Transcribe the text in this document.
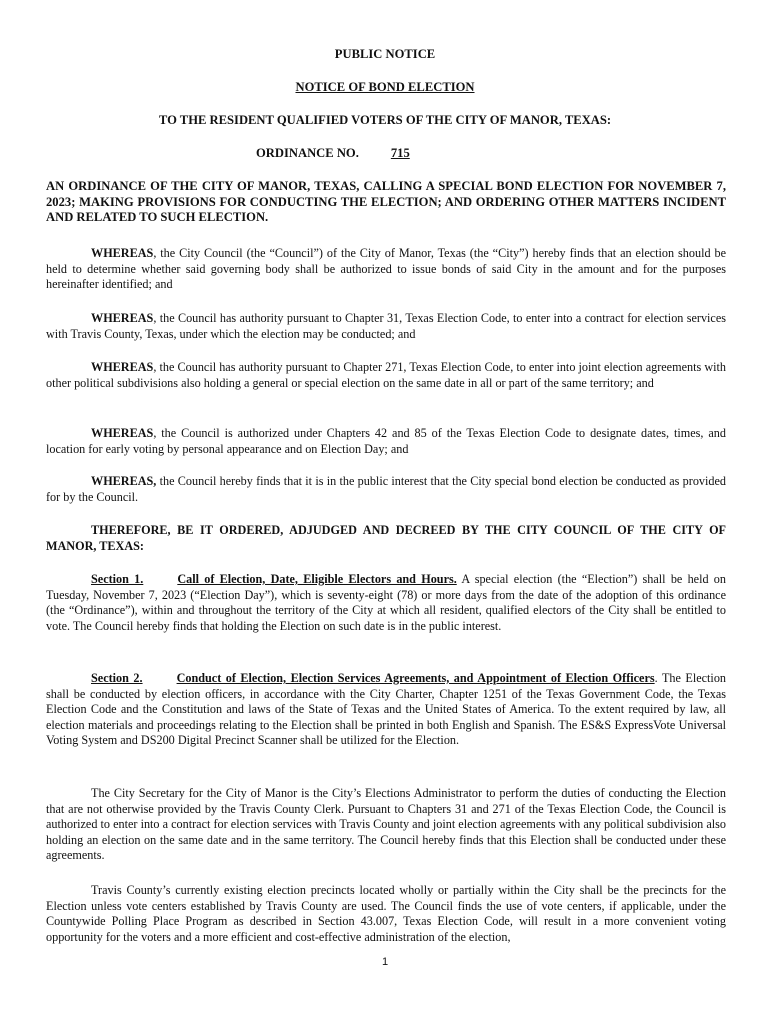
PUBLIC NOTICE
NOTICE OF BOND ELECTION
TO THE RESIDENT QUALIFIED VOTERS OF THE CITY OF MANOR, TEXAS:
ORDINANCE NO.	715
AN ORDINANCE OF THE CITY OF MANOR, TEXAS, CALLING A SPECIAL BOND ELECTION FOR NOVEMBER 7, 2023; MAKING PROVISIONS FOR CONDUCTING THE ELECTION; AND ORDERING OTHER MATTERS INCIDENT AND RELATED TO SUCH ELECTION.
WHEREAS, the City Council (the “Council”) of the City of Manor, Texas (the “City”) hereby finds that an election should be held to determine whether said governing body shall be authorized to issue bonds of said City in the amount and for the purposes hereinafter identified; and
WHEREAS, the Council has authority pursuant to Chapter 31, Texas Election Code, to enter into a contract for election services with Travis County, Texas, under which the election may be conducted; and
WHEREAS, the Council has authority pursuant to Chapter 271, Texas Election Code, to enter into joint election agreements with other political subdivisions also holding a general or special election on the same date in all or part of the same territory; and
WHEREAS, the Council is authorized under Chapters 42 and 85 of the Texas Election Code to designate dates, times, and location for early voting by personal appearance and on Election Day; and
WHEREAS, the Council hereby finds that it is in the public interest that the City special bond election be conducted as provided for by the Council.
THEREFORE, BE IT ORDERED, ADJUDGED AND DECREED BY THE CITY COUNCIL OF THE CITY OF MANOR, TEXAS:
Section 1.	Call of Election, Date, Eligible Electors and Hours. A special election (the “Election”) shall be held on Tuesday, November 7, 2023 (“Election Day”), which is seventy-eight (78) or more days from the date of the adoption of this ordinance (the “Ordinance”), within and throughout the territory of the City at which all resident, qualified electors of the City shall be entitled to vote. The Council hereby finds that holding the Election on such date is in the public interest.
Section 2.	Conduct of Election, Election Services Agreements, and Appointment of Election Officers. The Election shall be conducted by election officers, in accordance with the City Charter, Chapter 1251 of the Texas Government Code, the Texas Election Code and the Constitution and laws of the State of Texas and the United States of America. To the extent required by law, all election materials and proceedings relating to the Election shall be printed in both English and Spanish. The ES&S ExpressVote Universal Voting System and DS200 Digital Precinct Scanner shall be utilized for the Election.
The City Secretary for the City of Manor is the City’s Elections Administrator to perform the duties of conducting the Election that are not otherwise provided by the Travis County Clerk. Pursuant to Chapters 31 and 271 of the Texas Election Code, the Council is authorized to enter into a contract for election services with Travis County and joint election agreements with any political subdivision also holding an election on the same date and in the same territory. The Council hereby finds that this Election shall be conducted under these agreements.
Travis County’s currently existing election precincts located wholly or partially within the City shall be the precincts for the Election unless vote centers established by Travis County are used. The Council finds the use of vote centers, if applicable, under the Countywide Polling Place Program as described in Section 43.007, Texas Election Code, will result in a more convenient voting opportunity for the voters and a more efficient and cost-effective administration of the election,
1
